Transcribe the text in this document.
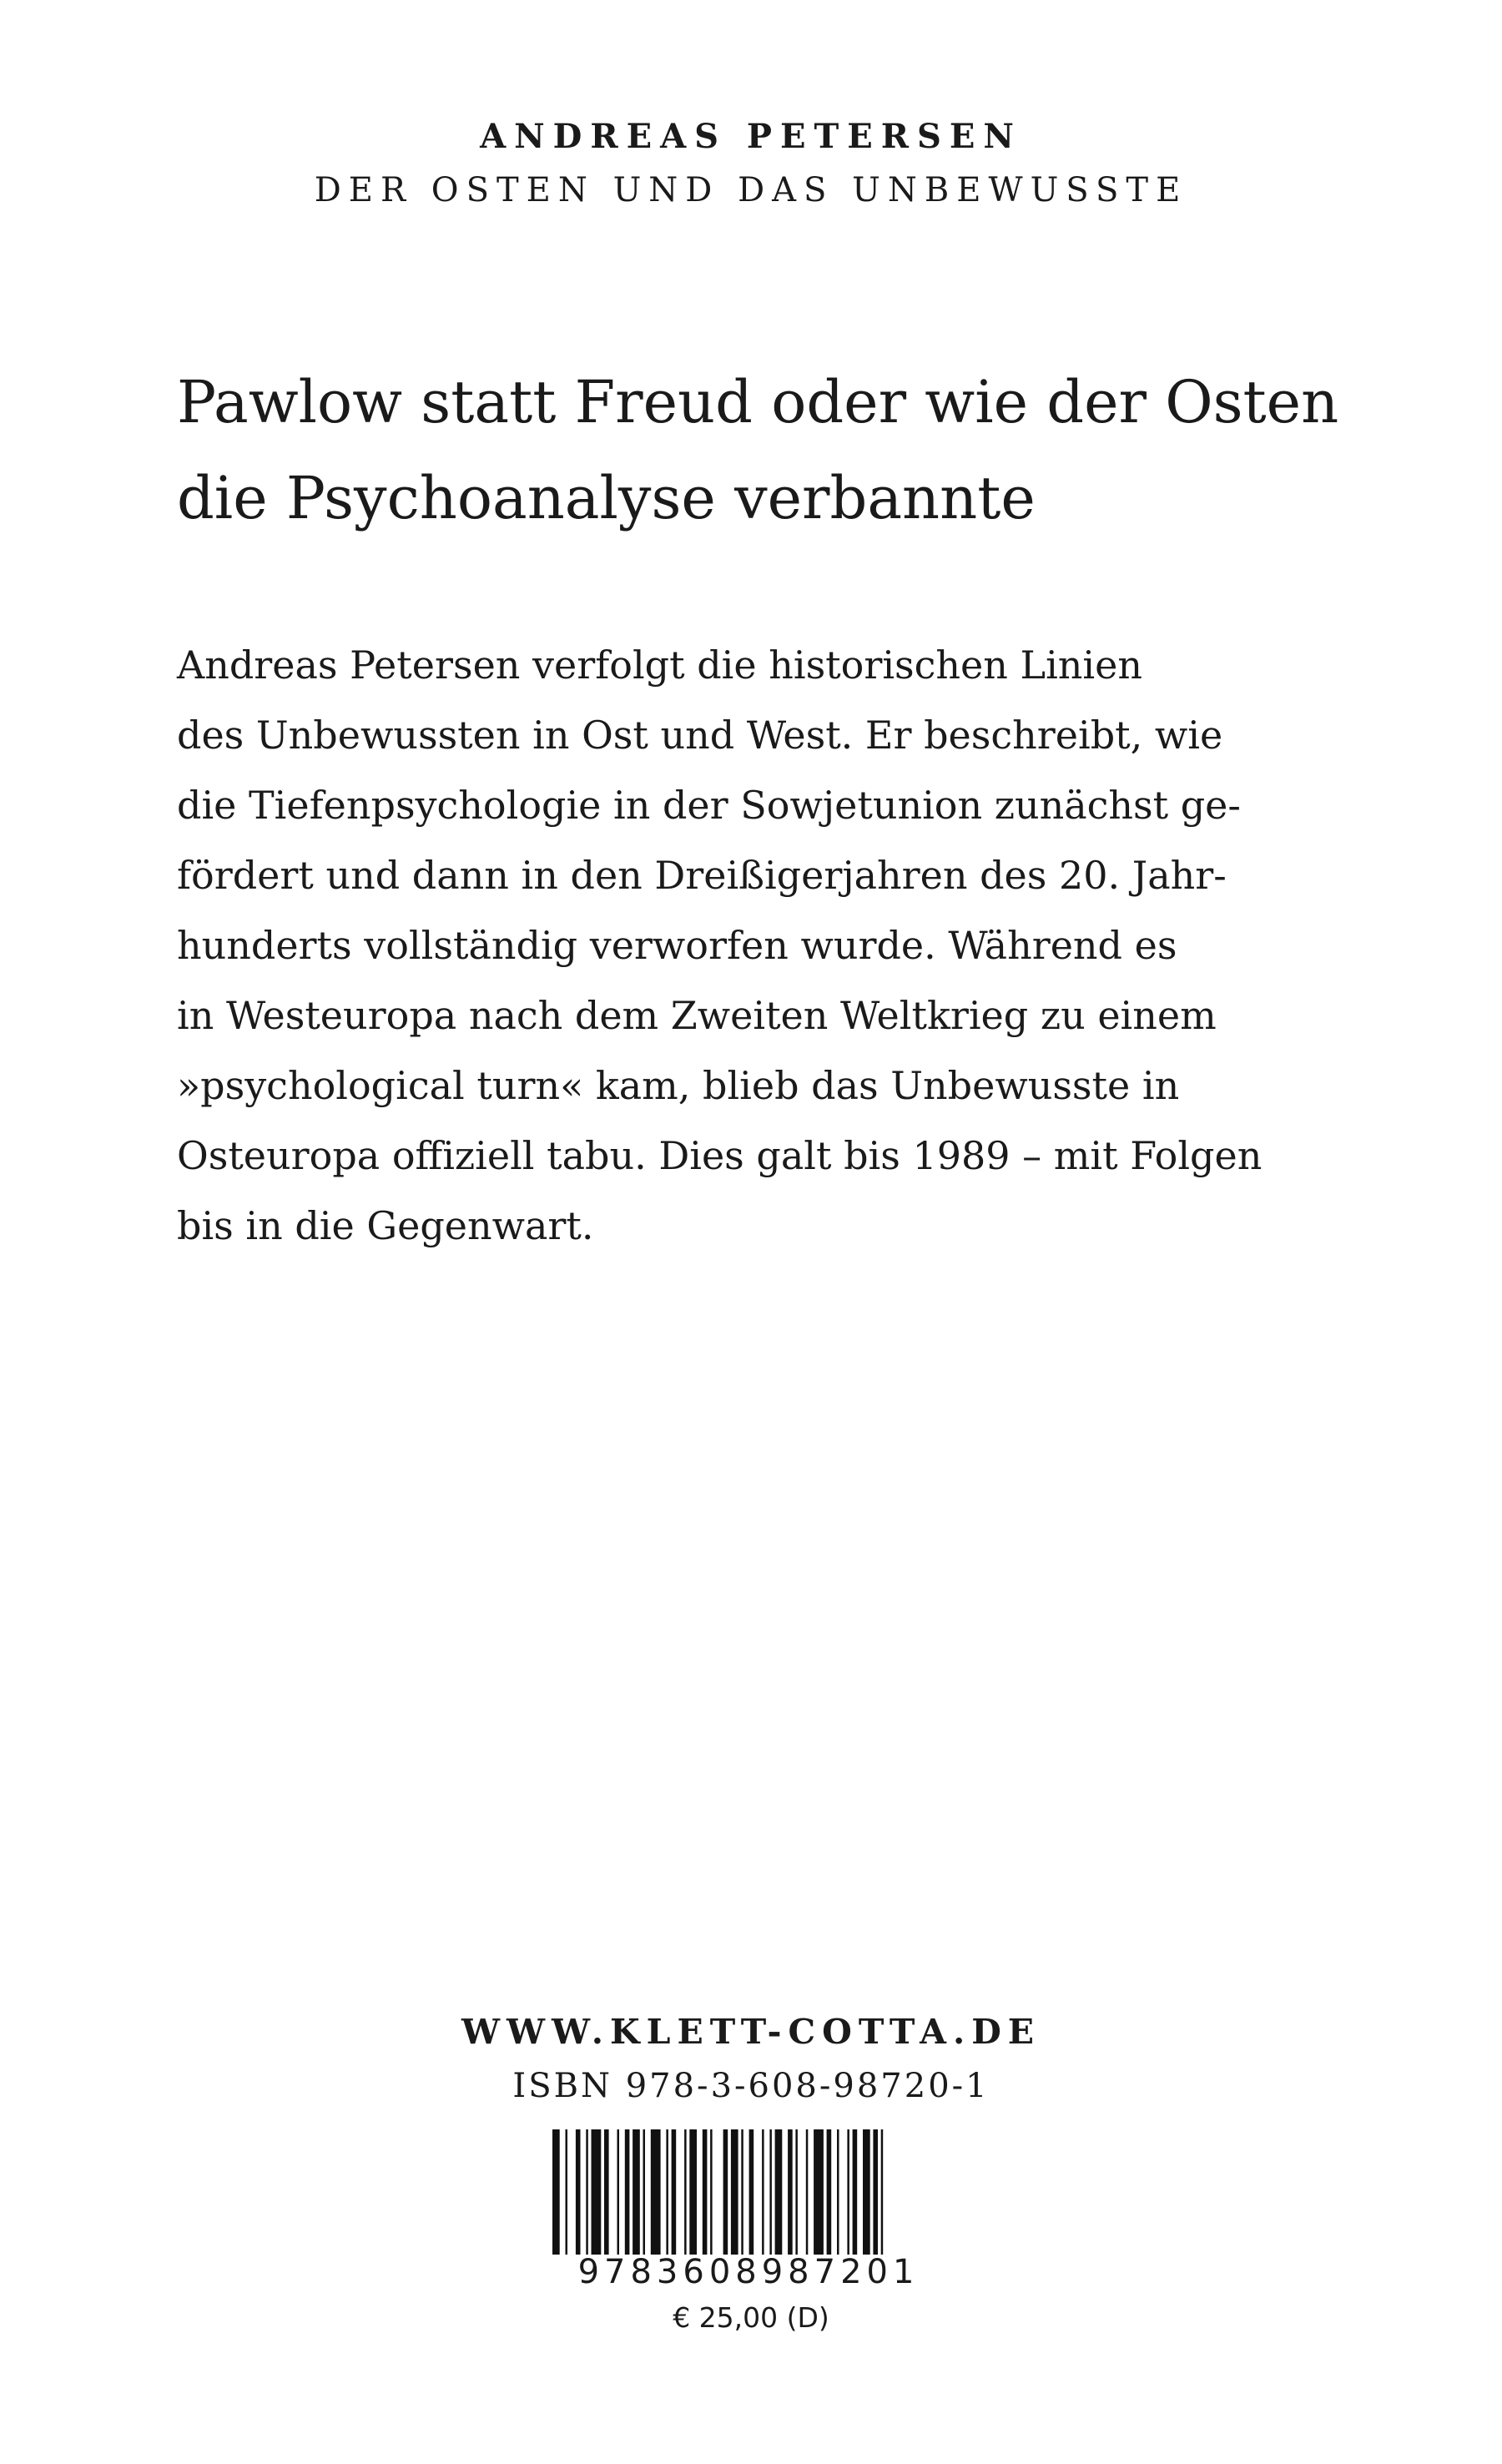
ANDREAS PETERSEN
DER OSTEN UND DAS UNBEWUSSTE
Pawlow statt Freud oder wie der Osten
die Psychoanalyse verbannte
Andreas Petersen verfolgt die historischen Linien
des Unbewussten in Ost und West. Er beschreibt, wie
die Tiefenpsychologie in der Sowjetunion zunächst ge-
fördert und dann in den Dreißigerjahren des 20. Jahr-
hunderts vollständig verworfen wurde. Während es
in Westeuropa nach dem Zweiten Weltkrieg zu einem
»psychological turn« kam, blieb das Unbewusste in
Osteuropa offiziell tabu. Dies galt bis 1989 – mit Folgen
bis in die Gegenwart.
WWW.KLETT-COTTA.DE
ISBN 978-3-608-98720-1
9783608987201
€ 25,00 (D)
